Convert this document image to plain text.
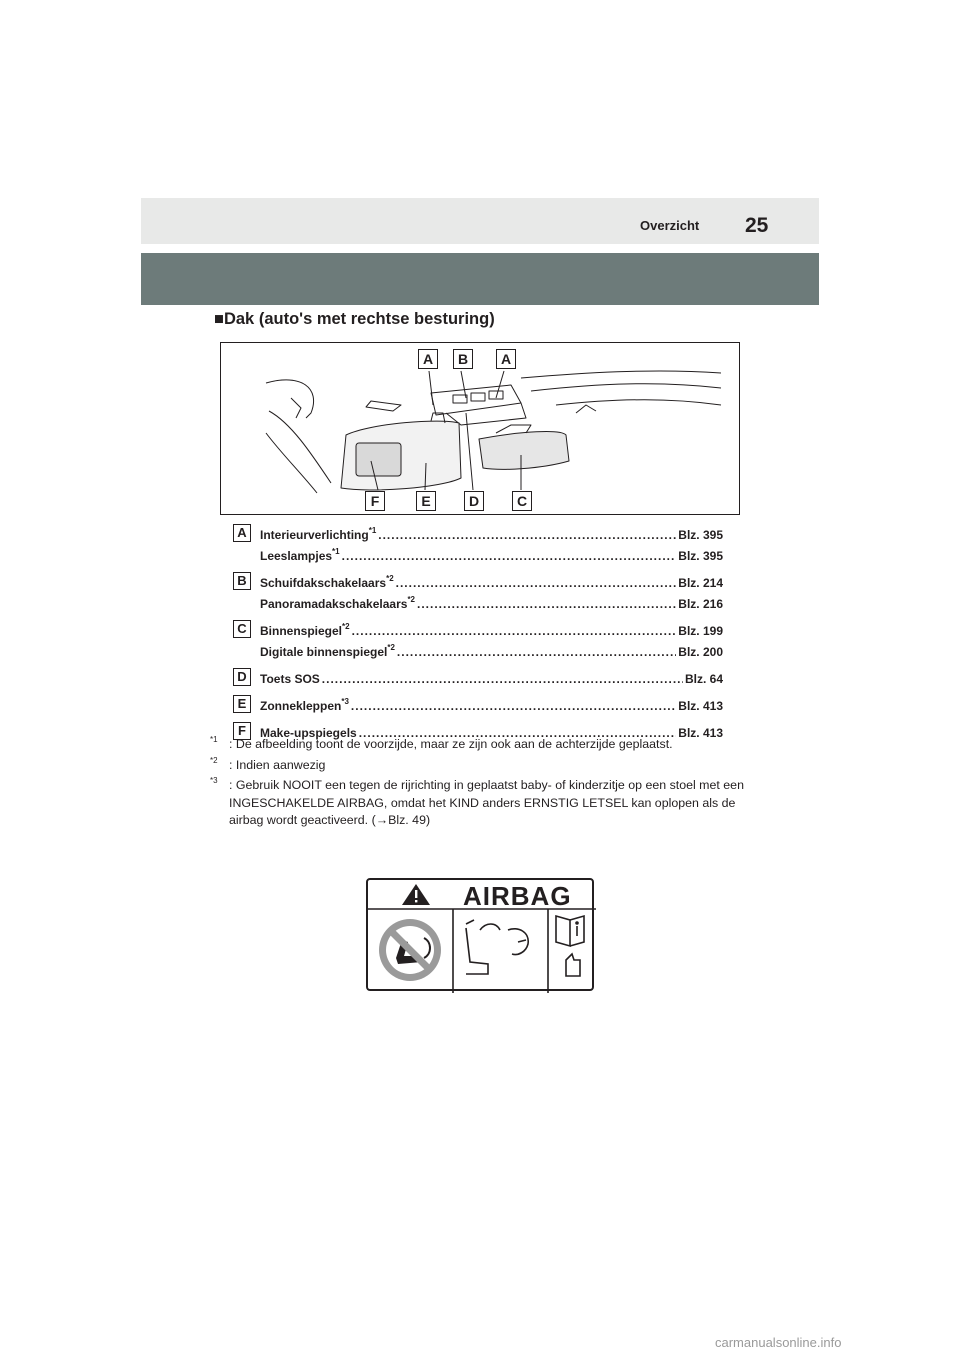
Overzicht 25
■Dak (auto's met rechtse besturing)
A	B	A
F	E	D	C
A	Interieurverlichting$^{*1}$ .....	Blz. 395
Leeslampjes$^{*1}$ .....	Blz. 395
B	Schuifdakschakelaars$^{*2}$ .....	Blz. 214
Panoramadakschakelaars$^{*2}$ .....	Blz. 216
C	Binnenspiegel$^{*2}$ .....	Blz. 199
Digitale binnenspiegel$^{*2}$ .....	Blz. 200
D	Toets SOS .....	Blz. 64
E	Zonnekleppen$^{*3}$ .....	Blz. 413
F	Make-upspiegels .....	Blz. 413
$^{*1}$ : De afbeelding toont de voorzijde, maar ze zijn ook aan de achterzijde geplaatst.
$^{*2}$ : Indien aanwezig
$^{*3}$ : Gebruik NOOIT een tegen de rijrichting in geplaatst baby- of kinderzitje op een stoel met een INGESCHAKELDE AIRBAG, omdat het KIND anders ERNSTIG LETSEL kan oplopen als de airbag wordt geactiveerd. (→Blz. 49)
AIRBAG
carmanualsonline.info
